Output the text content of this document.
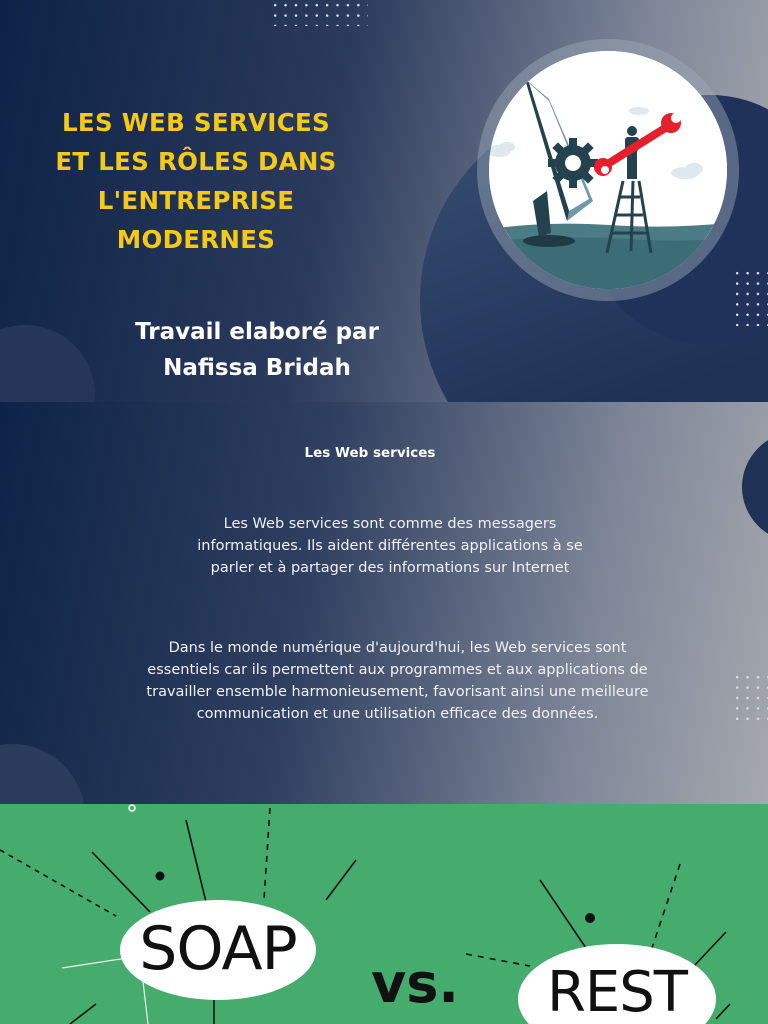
LES WEB SERVICES
ET LES RÔLES DANS
L'ENTREPRISE
MODERNES
Travail elaboré par
Nafissa Bridah
Les Web services

Les Web services sont comme des messagers
informatiques. Ils aident différentes applications à se
parler et à partager des informations sur Internet

Dans le monde numérique d'aujourd'hui, les Web services sont
essentiels car ils permettent aux programmes et aux applications de
travailler ensemble harmonieusement, favorisant ainsi une meilleure
communication et une utilisation efficace des données.

SOAP	vs.	REST
